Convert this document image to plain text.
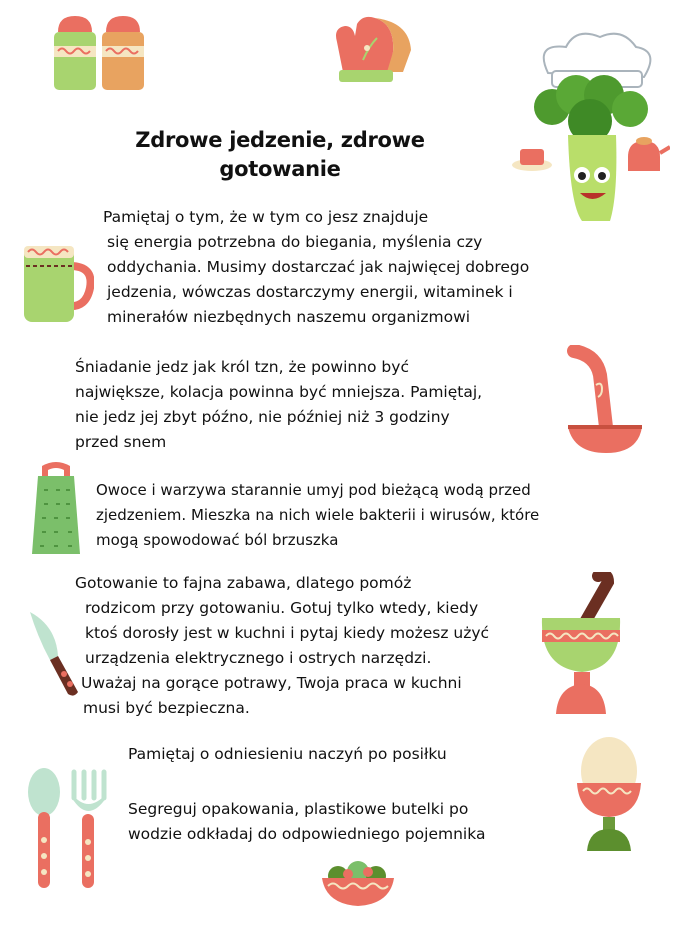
Zdrowe jedzenie, zdrowe
gotowanie
Pamiętaj o tym, że w tym co jesz znajduje
się energia potrzebna do biegania, myślenia czy
oddychania. Musimy dostarczać jak najwięcej dobrego
jedzenia, wówczas dostarczymy energii, witaminek i
minerałów niezbędnych naszemu organizmowi
Śniadanie jedz jak król tzn, że powinno być
największe, kolacja powinna być mniejsza. Pamiętaj,
nie jedz jej zbyt późno, nie później niż 3 godziny
przed snem
Owoce i warzywa starannie umyj pod bieżącą wodą przed
zjedzeniem. Mieszka na nich wiele bakterii i wirusów, które
mogą spowodować ból brzuszka
Gotowanie to fajna zabawa, dlatego pomóż
rodzicom przy gotowaniu. Gotuj tylko wtedy, kiedy
ktoś dorosły jest w kuchni i pytaj kiedy możesz użyć
urządzenia elektrycznego i ostrych narzędzi.
Uważaj na gorące potrawy, Twoja praca w kuchni
musi być bezpieczna.
Pamiętaj o odniesieniu naczyń po posiłku
Segreguj opakowania, plastikowe butelki po
wodzie odkładaj do odpowiedniego pojemnika
